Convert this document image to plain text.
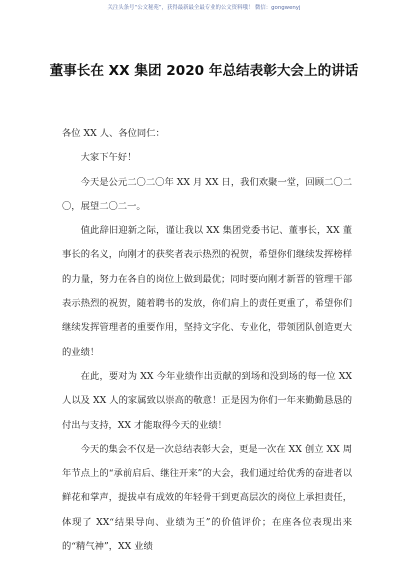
关注头条号“公文秘苑”，获得最新最全最专业的公文资料哦！ 微信：gongwenyj
董事长在 XX 集团 2020 年总结表彰大会上的讲话

各位 XX 人、各位同仁：

大家下午好！

今天是公元二〇二〇年 XX 月 XX 日，我们欢聚一堂，回顾二〇二〇，展望二〇二一。

值此辞旧迎新之际，谨让我以 XX 集团党委书记、董事长，XX 董事长的名义，向刚才的获奖者表示热烈的祝贺，希望你们继续发挥榜样的力量，努力在各自的岗位上做到最优；同时要向刚才新晋的管理干部表示热烈的祝贺，随着聘书的发放，你们肩上的责任更重了，希望你们继续发挥管理者的重要作用，坚持文字化、专业化，带领团队创造更大的业绩！

在此，要对为 XX 今年业绩作出贡献的到场和没到场的每一位 XX 人以及 XX 人的家属致以崇高的敬意！正是因为你们一年来勤勤恳恳的付出与支持，XX 才能取得今天的业绩！

今天的集会不仅是一次总结表彰大会，更是一次在 XX 创立 XX 周年节点上的“承前启后、继往开来”的大会，我们通过给优秀的奋进者以鲜花和掌声，提拔卓有成效的年轻骨干到更高层次的岗位上承担责任，体现了 XX“结果导向、业绩为王”的价值评价；在座各位表现出来的“精气神”，XX 业绩
